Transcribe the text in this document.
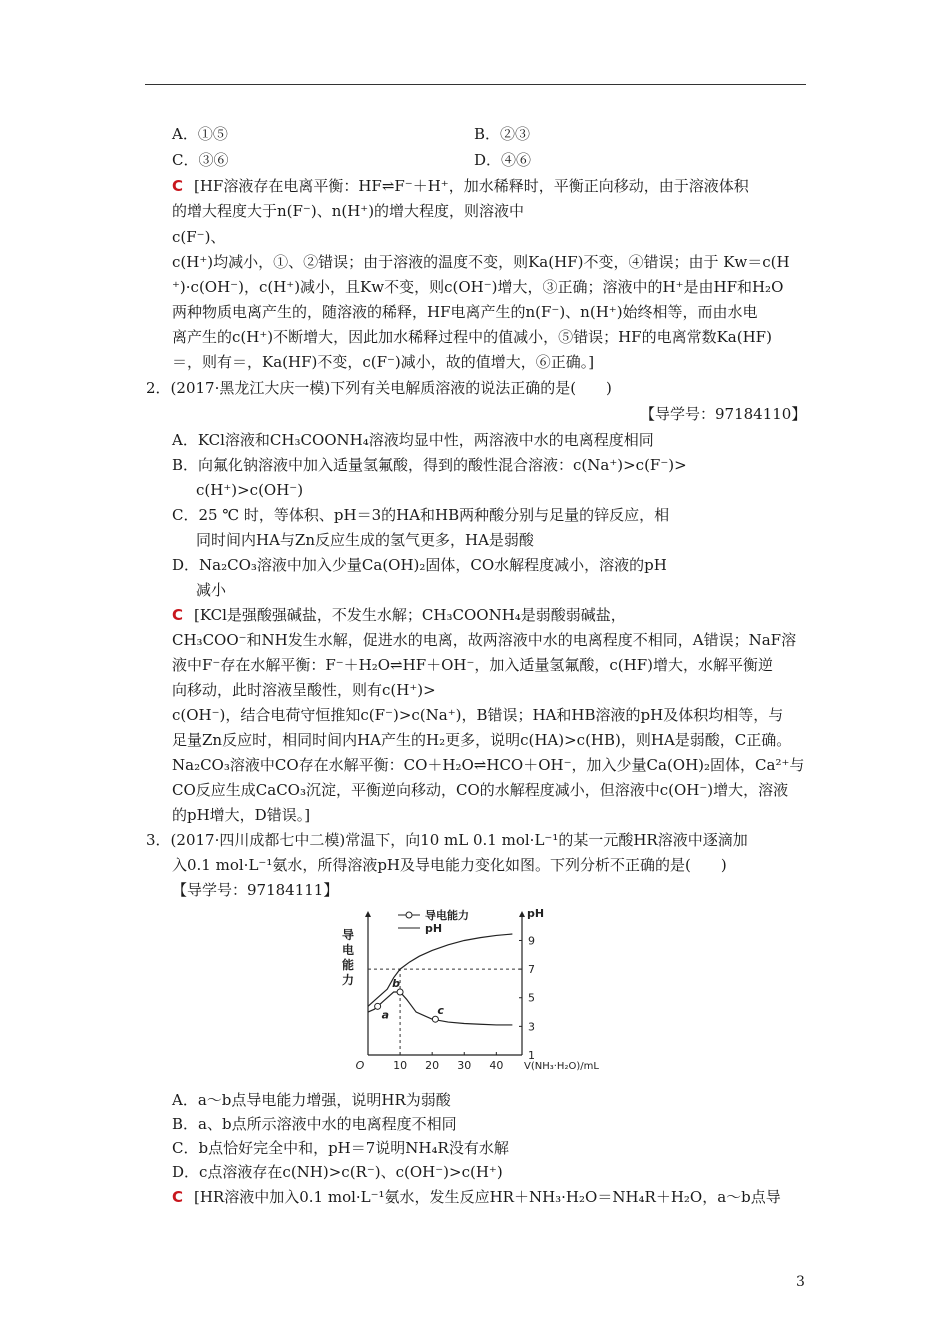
A．①⑤	B．②③
C．③⑥	D．④⑥
C [HF溶液存在电离平衡：HF⇌F⁻＋H⁺，加水稀释时，平衡正向移动，由于溶液体积
的增大程度大于n(F⁻)、n(H⁺)的增大程度，则溶液中
c(F⁻)、
c(H⁺)均减小，①、②错误；由于溶液的温度不变，则Ka(HF)不变，④错误；由于 Kw＝c(H
⁺)·c(OH⁻)，c(H⁺)减小，且Kw不变，则c(OH⁻)增大，③正确；溶液中的H⁺是由HF和H₂O
两种物质电离产生的，随溶液的稀释，HF电离产生的n(F⁻)、n(H⁺)始终相等，而由水电
离产生的c(H⁺)不断增大，因此加水稀释过程中的值减小，⑤错误；HF的电离常数Ka(HF)
＝，则有＝，Ka(HF)不变，c(F⁻)减小，故的值增大，⑥正确。]
2．(2017·黑龙江大庆一模)下列有关电解质溶液的说法正确的是(　　)
【导学号：97184110】
A．KCl溶液和CH₃COONH₄溶液均显中性，两溶液中水的电离程度相同
B．向氟化钠溶液中加入适量氢氟酸，得到的酸性混合溶液：c(Na⁺)>c(F⁻)>
c(H⁺)>c(OH⁻)
C．25 ℃ 时，等体积、pH＝3的HA和HB两种酸分别与足量的锌反应，相
同时间内HA与Zn反应生成的氢气更多，HA是弱酸
D．Na₂CO₃溶液中加入少量Ca(OH)₂固体，CO水解程度减小，溶液的pH
减小
C [KCl是强酸强碱盐，不发生水解；CH₃COONH₄是弱酸弱碱盐，
CH₃COO⁻和NH发生水解，促进水的电离，故两溶液中水的电离程度不相同，A错误；NaF溶
液中F⁻存在水解平衡：F⁻＋H₂O⇌HF＋OH⁻，加入适量氢氟酸，c(HF)增大，水解平衡逆
向移动，此时溶液呈酸性，则有c(H⁺)>
c(OH⁻)，结合电荷守恒推知c(F⁻)>c(Na⁺)，B错误；HA和HB溶液的pH及体积均相等，与
足量Zn反应时，相同时间内HA产生的H₂更多，说明c(HA)>c(HB)，则HA是弱酸，C正确。
Na₂CO₃溶液中CO存在水解平衡：CO＋H₂O⇌HCO＋OH⁻，加入少量Ca(OH)₂固体，Ca²⁺与
CO反应生成CaCO₃沉淀，平衡逆向移动，CO的水解程度减小，但溶液中c(OH⁻)增大，溶液
的pH增大，D错误。]
3．(2017·四川成都七中二模)常温下，向10 mL 0.1 mol·L⁻¹的某一元酸HR溶液中逐滴加
入0.1 mol·L⁻¹氨水，所得溶液pH及导电能力变化如图。下列分析不正确的是(　　)
【导学号：97184111】
10 20 30 40
O	V(NH₃·H₂O)/mL
1
3
5
7
9
pH
导
电
能
力
导电能力
pH
a
b
c
A．a～b点导电能力增强，说明HR为弱酸
B．a、b点所示溶液中水的电离程度不相同
C．b点恰好完全中和，pH＝7说明NH₄R没有水解
D．c点溶液存在c(NH)>c(R⁻)、c(OH⁻)>c(H⁺)
C [HR溶液中加入0.1 mol·L⁻¹氨水，发生反应HR＋NH₃·H₂O＝NH₄R＋H₂O，a～b点导
3
